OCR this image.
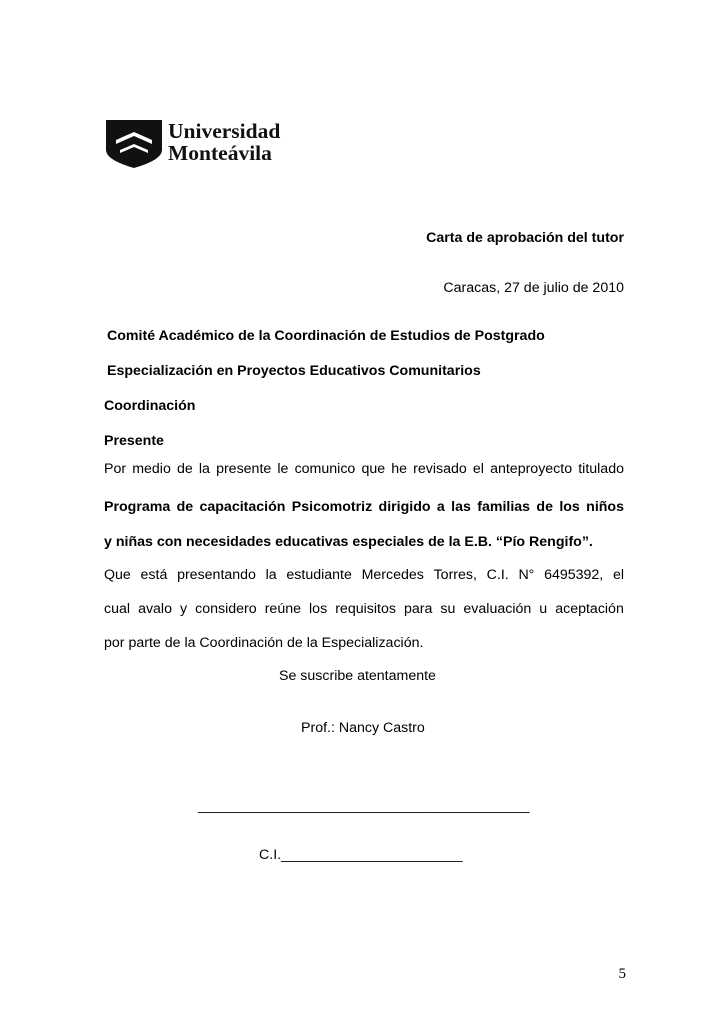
Universidad
Monteávila
Carta de aprobación del tutor
Caracas, 27 de julio de 2010
Comité Académico de la Coordinación de Estudios de Postgrado
Especialización en Proyectos Educativos Comunitarios
Coordinación
Presente
Por medio de la presente le comunico que he revisado el anteproyecto titulado
Programa de capacitación Psicomotriz dirigido a las familias de los niños
y niñas con necesidades educativas especiales de la E.B. “Pío Rengifo”.
Que está presentando la estudiante Mercedes Torres, C.I. N° 6495392, el
cual avalo y considero reúne los requisitos para su evaluación u aceptación
por parte de la Coordinación de la Especialización.
Se suscribe atentamente
Prof.: Nancy Castro
__________________________________________
C.I._______________________
5
